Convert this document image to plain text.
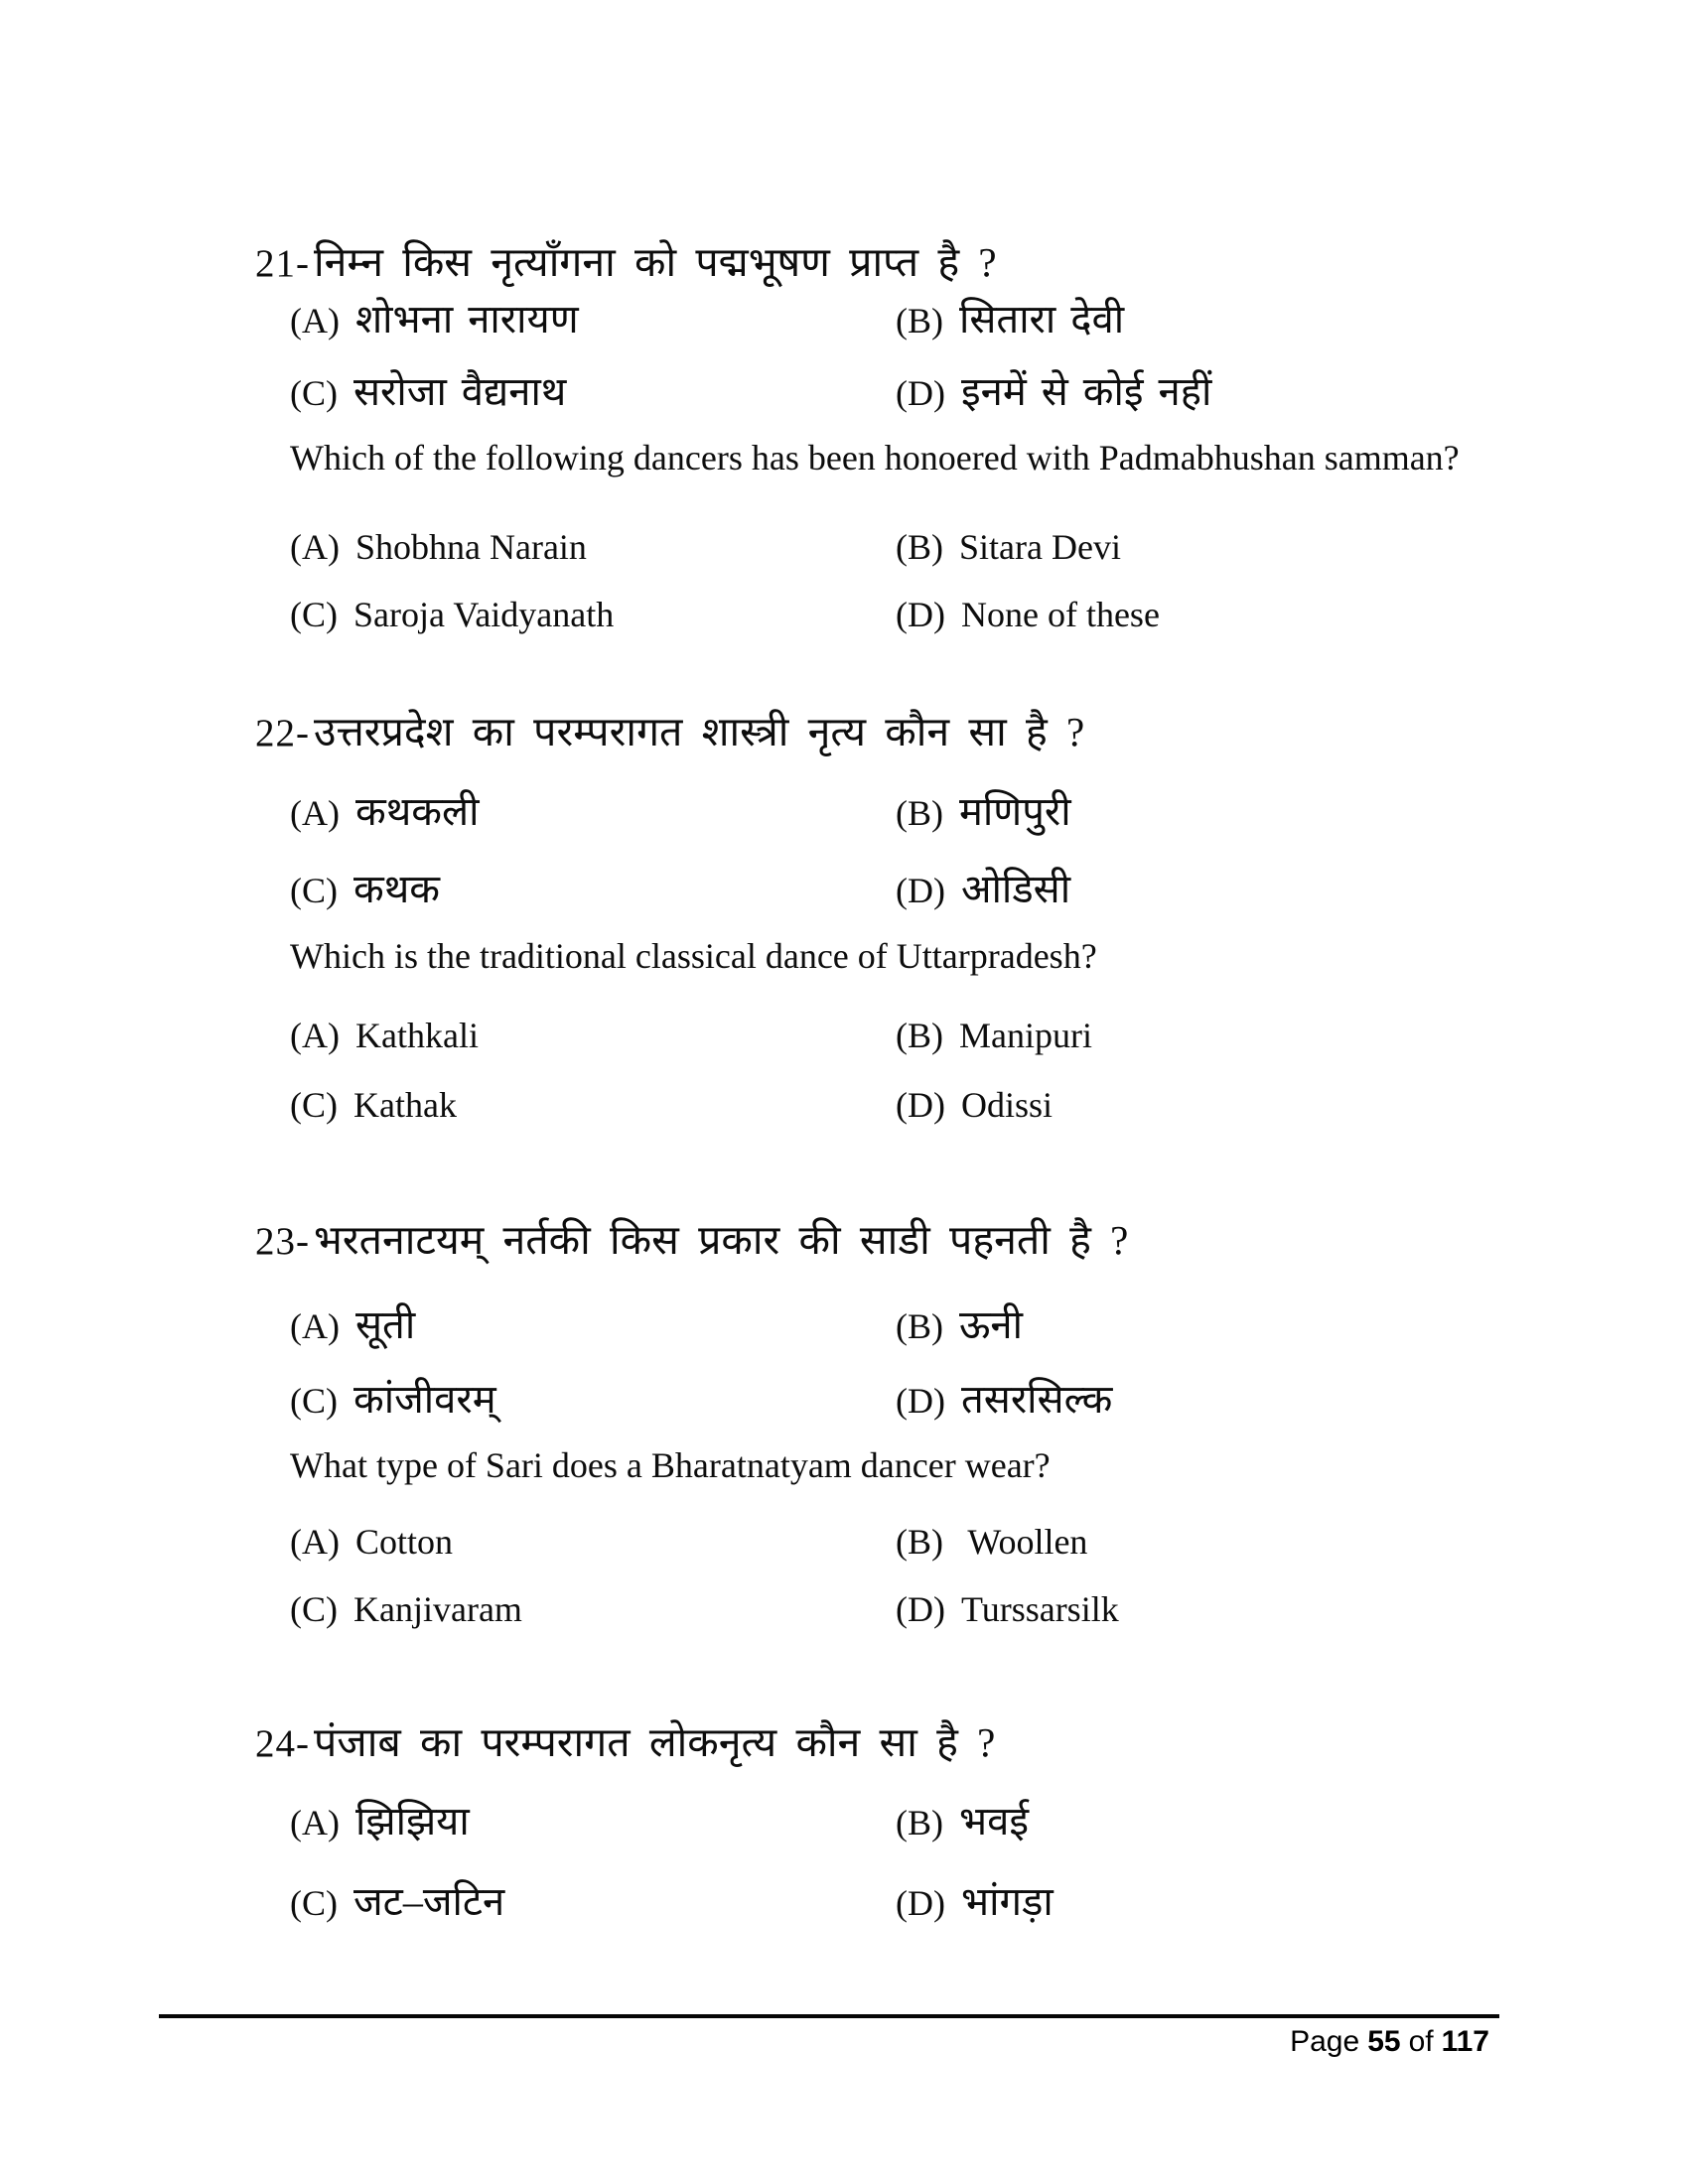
21- निम्न किस नृत्याँगना को पद्मभूषण प्राप्त है ?
(A) शोभना नारायण	(B) सितारा देवी
(C) सरोजा वैद्यनाथ	(D) इनमें से कोई नहीं
Which of the following dancers has been honoered with Padmabhushan samman?
(A) Shobhna Narain	(B) Sitara Devi
(C) Saroja Vaidyanath	(D) None of these
22- उत्तरप्रदेश का परम्परागत शास्त्री नृत्य कौन सा है ?
(A) कथकली	(B) मणिपुरी
(C) कथक	(D) ओडिसी
Which is the traditional classical dance of Uttarpradesh?
(A) Kathkali	(B) Manipuri
(C) Kathak	(D) Odissi
23- भरतनाटयम् नर्तकी किस प्रकार की साडी पहनती है ?
(A) सूती	(B) ऊनी
(C) कांजीवरम्	(D) तसरसिल्क
What type of Sari does a Bharatnatyam dancer wear?
(A) Cotton	(B) Woollen
(C) Kanjivaram	(D) Turssarsilk
24- पंजाब का परम्परागत लोकनृत्य कौन सा है ?
(A) झिझिया	(B) भवई
(C) जट–जटिन	(D) भांगड़ा
Page 55 of 117
